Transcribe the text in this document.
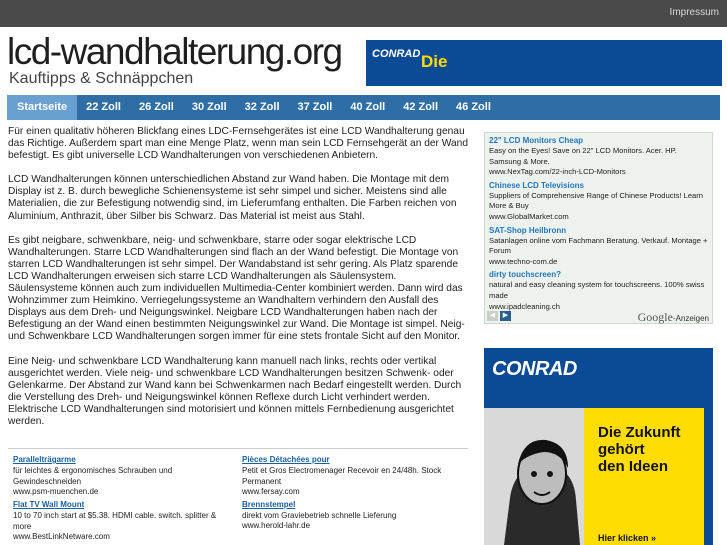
Impressum
lcd-wandhalterung.org
Kauftipps & Schnäppchen
CONRAD Die
Startseite	22 Zoll	26 Zoll	30 Zoll	32 Zoll	37 Zoll	40 Zoll	42 Zoll	46 Zoll

Für einen qualitativ höheren Blickfang eines LDC-Fernsehgerätes ist eine LCD Wandhalterung genau das Richtige. Außerdem spart man eine Menge Platz, wenn man sein LCD Fernsehgerät an der Wand befestigt. Es gibt universelle LCD Wandhalterungen von verschiedenen Anbietern.

LCD Wandhalterungen können unterschiedlichen Abstand zur Wand haben. Die Montage mit dem Display ist z. B. durch bewegliche Schienensysteme ist sehr simpel und sicher. Meistens sind alle Materialien, die zur Befestigung notwendig sind, im Lieferumfang enthalten. Die Farben reichen von Aluminium, Anthrazit, über Silber bis Schwarz. Das Material ist meist aus Stahl.

Es gibt neigbare, schwenkbare, neig- und schwenkbare, starre oder sogar elektrische LCD Wandhalterungen. Starre LCD Wandhalterungen sind flach an der Wand befestigt. Die Montage von starren LCD Wandhalterungen ist sehr simpel. Der Wandabstand ist sehr gering. Als Platz sparende LCD Wandhalterungen erweisen sich starre LCD Wandhalterungen als Säulensystem. Säulensysteme können auch zum individuellen Multimedia-Center kombiniert werden. Dann wird das Wohnzimmer zum Heimkino. Verriegelungssysteme an Wandhaltern verhindern den Ausfall des Displays aus dem Dreh- und Neigungswinkel. Neigbare LCD Wandhalterungen haben nach der Befestigung an der Wand einen bestimmten Neigungswinkel zur Wand. Die Montage ist simpel. Neig- und Schwenkbare LCD Wandhalterungen sorgen immer für eine stets frontale Sicht auf den Monitor.

Eine Neig- und schwenkbare LCD Wandhalterung kann manuell nach links, rechts oder vertikal ausgerichtet werden. Viele neig- und schwenkbare LCD Wandhalterungen besitzen Schwenk- oder Gelenkarme. Der Abstand zur Wand kann bei Schwenkarmen nach Bedarf eingestellt werden. Durch die Verstellung des Dreh- und Neigungswinkel können Reflexe durch Licht verhindert werden. Elektrische LCD Wandhalterungen sind motorisiert und können mittels Fernbedienung ausgerichtet werden.

Parallelträgarme
für leichtes & ergonomisches Schrauben und Gewindeschneiden
www.psm-muenchen.de
Flat TV Wall Mount
10 to 70 inch start at $5.38. HDMI cable. switch. splitter & more
www.BestLinkNetware.com
Pièces Détachées pour
Petit et Gros Electromenager Recevoir en 24/48h. Stock Permanent
www.fersay.com
Brennstempel
direkt vom Graviebetrieb schnelle Lieferung
www.herold-lahr.de
22" LCD Monitors Cheap
Easy on the Eyes! Save on 22" LCD Monitors. Acer. HP. Samsung & More.
www.NexTag.com/22-inch-LCD-Monitors
Chinese LCD Televisions
Suppliers of Comprehensive Range of Chinese Products! Learn More & Buy
www.GlobalMarket.com
SAT-Shop Heilbronn
Satanlagen online vom Fachmann Beratung. Verkauf. Montage + Forum
www.techno-com.de
dirty touchscreen?
natural and easy cleaning system for touchscreens. 100% swiss made
www.ipadcleaning.ch
◀	▶	Google-Anzeigen
CONRAD
Die Zukunft
gehört
den Ideen
Hier klicken »
